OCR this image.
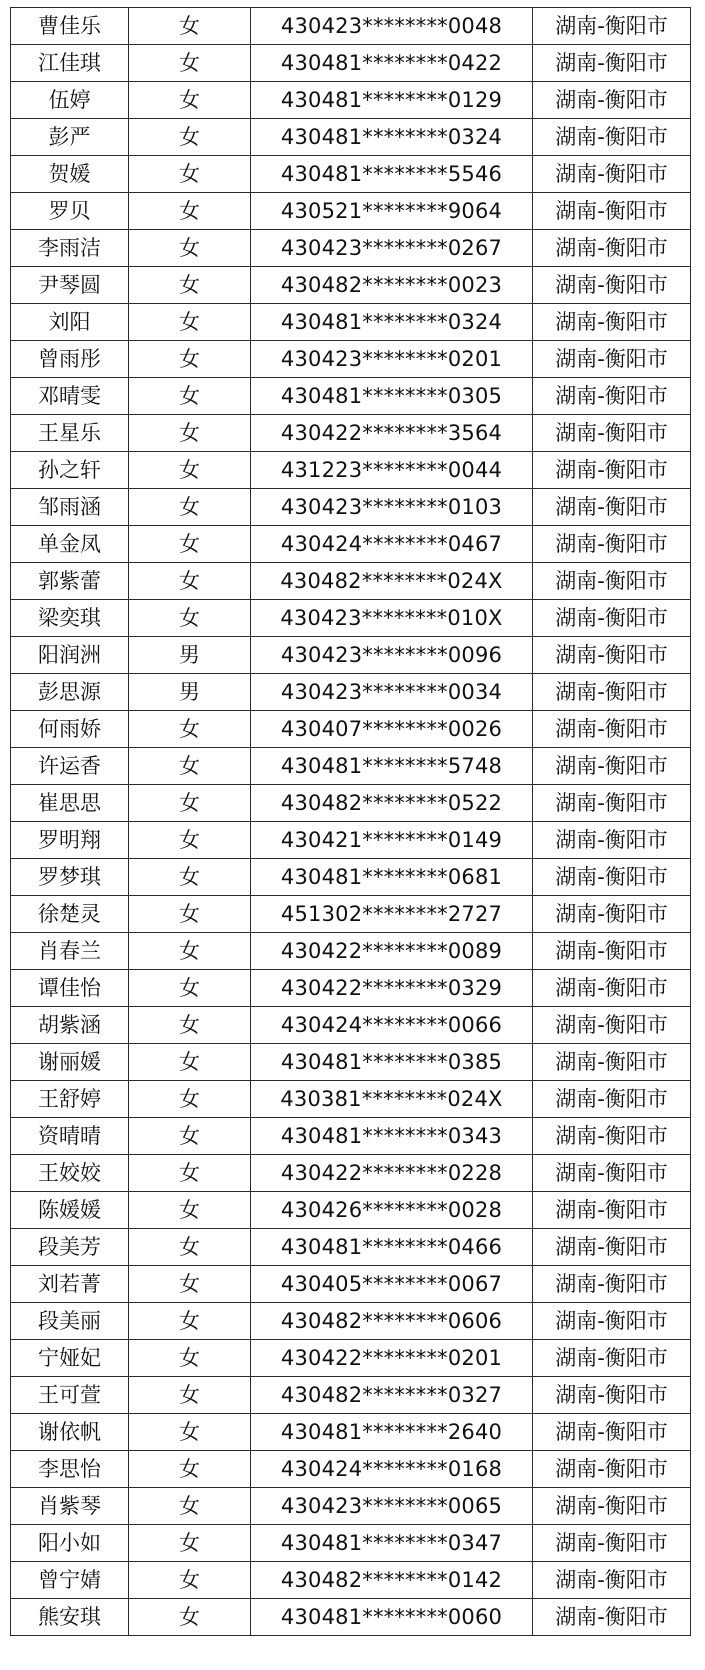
曹佳乐	女	430423********0048	湖南-衡阳市
江佳琪	女	430481********0422	湖南-衡阳市
伍婷	女	430481********0129	湖南-衡阳市
彭严	女	430481********0324	湖南-衡阳市
贺媛	女	430481********5546	湖南-衡阳市
罗贝	女	430521********9064	湖南-衡阳市
李雨洁	女	430423********0267	湖南-衡阳市
尹琴圆	女	430482********0023	湖南-衡阳市
刘阳	女	430481********0324	湖南-衡阳市
曾雨彤	女	430423********0201	湖南-衡阳市
邓晴雯	女	430481********0305	湖南-衡阳市
王星乐	女	430422********3564	湖南-衡阳市
孙之轩	女	431223********0044	湖南-衡阳市
邹雨涵	女	430423********0103	湖南-衡阳市
单金凤	女	430424********0467	湖南-衡阳市
郭紫蕾	女	430482********024X	湖南-衡阳市
梁奕琪	女	430423********010X	湖南-衡阳市
阳润洲	男	430423********0096	湖南-衡阳市
彭思源	男	430423********0034	湖南-衡阳市
何雨娇	女	430407********0026	湖南-衡阳市
许运香	女	430481********5748	湖南-衡阳市
崔思思	女	430482********0522	湖南-衡阳市
罗明翔	女	430421********0149	湖南-衡阳市
罗梦琪	女	430481********0681	湖南-衡阳市
徐楚灵	女	451302********2727	湖南-衡阳市
肖春兰	女	430422********0089	湖南-衡阳市
谭佳怡	女	430422********0329	湖南-衡阳市
胡紫涵	女	430424********0066	湖南-衡阳市
谢丽媛	女	430481********0385	湖南-衡阳市
王舒婷	女	430381********024X	湖南-衡阳市
资晴晴	女	430481********0343	湖南-衡阳市
王姣姣	女	430422********0228	湖南-衡阳市
陈媛媛	女	430426********0028	湖南-衡阳市
段美芳	女	430481********0466	湖南-衡阳市
刘若菁	女	430405********0067	湖南-衡阳市
段美丽	女	430482********0606	湖南-衡阳市
宁娅妃	女	430422********0201	湖南-衡阳市
王可萱	女	430482********0327	湖南-衡阳市
谢依帆	女	430481********2640	湖南-衡阳市
李思怡	女	430424********0168	湖南-衡阳市
肖紫琴	女	430423********0065	湖南-衡阳市
阳小如	女	430481********0347	湖南-衡阳市
曾宁婧	女	430482********0142	湖南-衡阳市
熊安琪	女	430481********0060	湖南-衡阳市
